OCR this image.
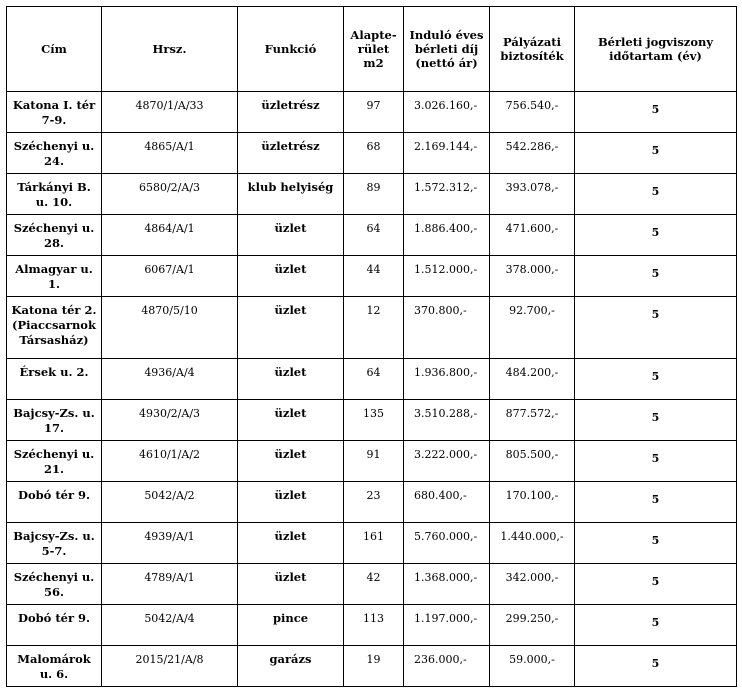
Cím	Hrsz.	Funkció	Alapte-rület m2	Induló éves bérleti díj (nettó ár)	Pályázati biztosíték	Bérleti jogviszony időtartam (év)
Katona I. tér 7-9.	4870/1/A/33	üzletrész	97	3.026.160,-	756.540,-	5
Széchenyi u. 24.	4865/A/1	üzletrész	68	2.169.144,-	542.286,-	5
Tárkányi B. u. 10.	6580/2/A/3	klub helyiség	89	1.572.312,-	393.078,-	5
Széchenyi u. 28.	4864/A/1	üzlet	64	1.886.400,-	471.600,-	5
Almagyar u. 1.	6067/A/1	üzlet	44	1.512.000,-	378.000,-	5
Katona tér 2.(Piaccsarnok Társasház)	4870/5/10	üzlet	12	370.800,-	92.700,-	5
Érsek u. 2.	4936/A/4	üzlet	64	1.936.800,-	484.200,-	5
Bajcsy-Zs. u. 17.	4930/2/A/3	üzlet	135	3.510.288,-	877.572,-	5
Széchenyi u. 21.	4610/1/A/2	üzlet	91	3.222.000,-	805.500,-	5
Dobó tér 9.	5042/A/2	üzlet	23	680.400,-	170.100,-	5
Bajcsy-Zs. u. 5-7.	4939/A/1	üzlet	161	5.760.000,-	1.440.000,-	5
Széchenyi u. 56.	4789/A/1	üzlet	42	1.368.000,-	342.000,-	5
Dobó tér 9.	5042/A/4	pince	113	1.197.000,-	299.250,-	5
Malomárok u. 6.	2015/21/A/8	garázs	19	236.000,-	59.000,-	5
